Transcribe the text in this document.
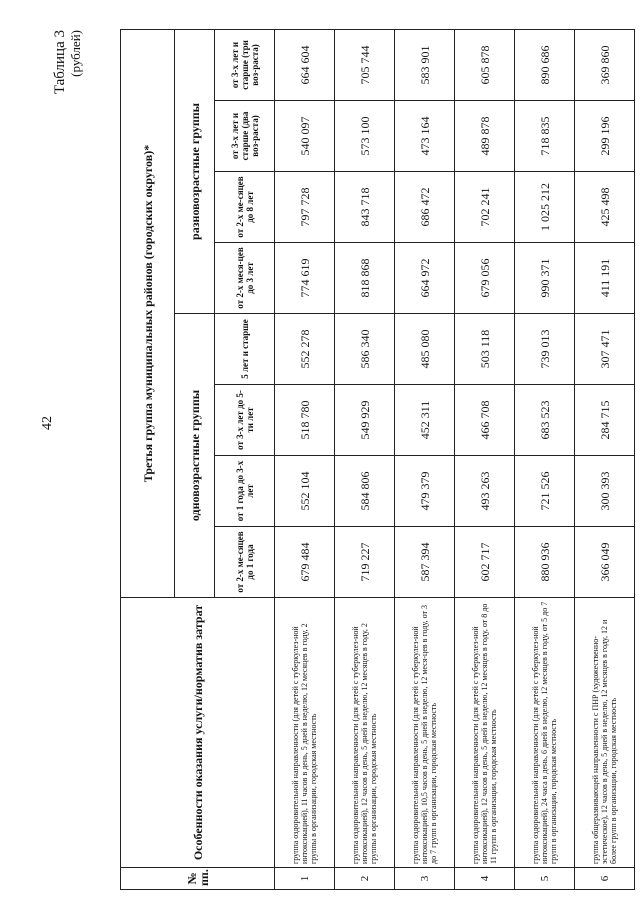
42
Таблица 3 (рублей)
№ пп.	Особенности оказания услуги/норматив затрат	Третья группа муниципальных районов (городских округов)*							
		одновозрастные группы				разновозрастные группы			
		от 2-х ме-сяцев до 1 года	от 1 года до 3-х лет	от 3-х лет до 5-ти лет	5 лет и старше	от 2-х меся-цев до 3 лет	от 2-х ме-сяцев до 8 лет	от 3-х лет и старше (два воз-раста)	от 3-х лет и старше (три воз-раста)
1	группа оздоровительной направленности (для детей с туберкулез-ной интоксикацией), 11 часов в день, 5 дней в неделю, 12 месяцев в году, 2 группы в организации, городская местность	679 484	552 104	518 780	552 278	774 619	797 728	540 097	664 604
2	группа оздоровительной направленности (для детей с туберкулез-ной интоксикацией), 12 часов в день, 5 дней в неделю, 12 месяцев в году, 2 группы в организации, городская местность	719 227	584 806	549 929	586 340	818 868	843 718	573 100	705 744
3	группа оздоровительной направленности (для детей с туберкулез-ной интоксикацией), 10,5 часов в день, 5 дней в неделю, 12 меся-цев в году, от 3 до 7 групп в организации, городская местность	587 394	479 379	452 311	485 080	664 972	686 472	473 164	583 901
4	группа оздоровительной направленности (для детей с туберкулез-ной интоксикацией), 12 часов в день, 5 дней в неделю, 12 месяцев в году, от 8 до 11 групп в организации, городская местность	602 717	493 263	466 708	503 118	679 056	702 241	489 878	605 878
5	группа оздоровительной направленности (для детей с туберкулез-ной интоксикацией), 24 часа в день, 6 дней в неделю, 12 месяцев в году, от 5 до 7 групп в организации, городская местность	880 936	721 526	683 523	739 013	990 371	1 025 212	718 835	890 686
6	группа общеразвивающей направленности с ПНР (художественно-эстетическое), 12 часов в день, 5 дней в неделю, 12 месяцев в году, 12 и более групп в организации, городская местность	366 049	300 393	284 715	307 471	411 191	425 498	299 196	369 860
